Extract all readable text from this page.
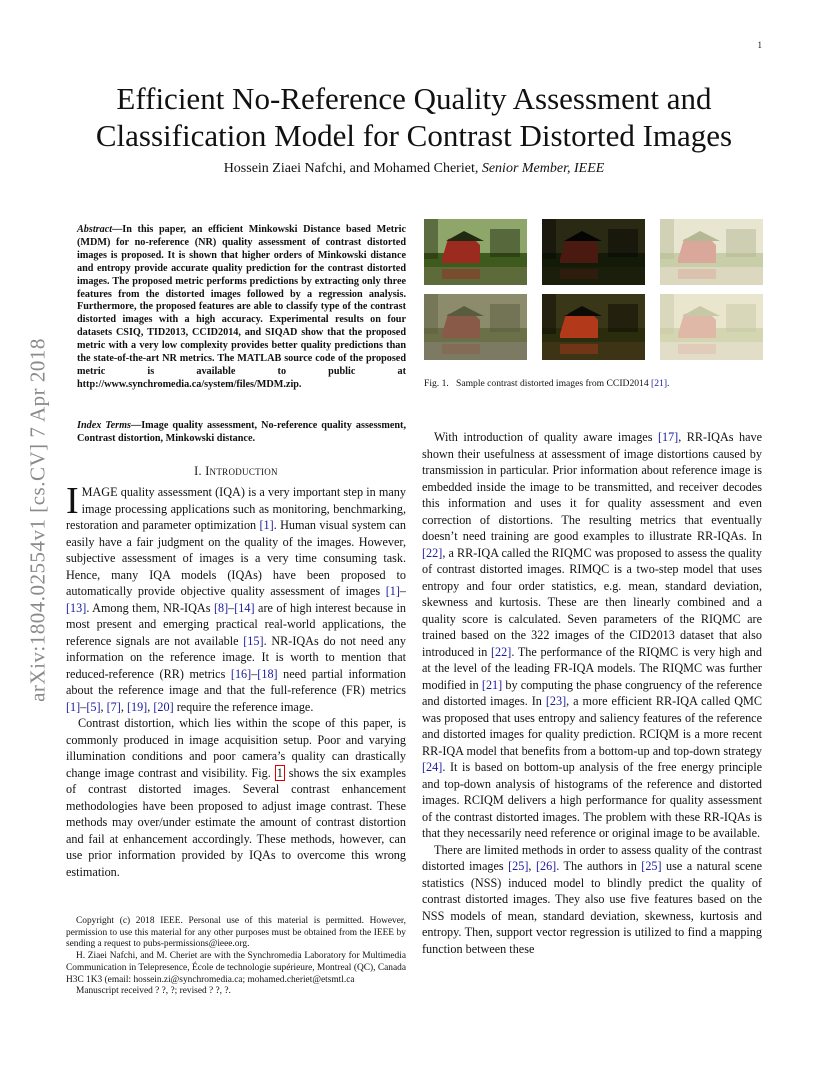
1
arXiv:1804.02554v1 [cs.CV] 7 Apr 2018
Efficient No-Reference Quality Assessment and
Classification Model for Contrast Distorted Images
Hossein Ziaei Nafchi, and Mohamed Cheriet, Senior Member, IEEE

Abstract—In this paper, an efficient Minkowski Distance based Metric (MDM) for no-reference (NR) quality assessment of contrast distorted images is proposed. It is shown that higher orders of Minkowski distance and entropy provide accurate quality prediction for the contrast distorted images. The proposed metric performs predictions by extracting only three features from the distorted images followed by a regression analysis. Furthermore, the proposed features are able to classify type of the contrast distorted images with a high accuracy. Experimental results on four datasets CSIQ, TID2013, CCID2014, and SIQAD show that the proposed metric with a very low complexity provides better quality predictions than the state-of-the-art NR metrics. The MATLAB source code of the proposed metric is available to public at http://www.synchromedia.ca/system/files/MDM.zip.

Index Terms—Image quality assessment, No-reference quality assessment, Contrast distortion, Minkowski distance.

I. Introduction

IMAGE quality assessment (IQA) is a very important step in many image processing applications such as monitoring, benchmarking, restoration and parameter optimization [1]. Human visual system can easily have a fair judgment on the quality of the images. However, subjective assessment of images is a very time consuming task. Hence, many IQA models (IQAs) have been proposed to automatically provide objective quality assessment of images [1]–[13]. Among them, NR-IQAs [8]–[14] are of high interest because in most present and emerging practical real-world applications, the reference signals are not available [15]. NR-IQAs do not need any information on the reference image. It is worth to mention that reduced-reference (RR) metrics [16]–[18] need partial information about the reference image and that the full-reference (FR) metrics [1]–[5], [7], [19], [20] require the reference image.

Contrast distortion, which lies within the scope of this paper, is commonly produced in image acquisition setup. Poor and varying illumination conditions and poor camera’s quality can drastically change image contrast and visibility. Fig. 1 shows the six examples of contrast distorted images. Several contrast enhancement methodologies have been proposed to adjust image contrast. These methods may over/under estimate the amount of contrast distortion and fail at enhancement accordingly. These methods, however, can use prior information provided by IQAs to overcome this wrong estimation.

Copyright (c) 2018 IEEE. Personal use of this material is permitted. However, permission to use this material for any other purposes must be obtained from the IEEE by sending a request to pubs-permissions@ieee.org.

H. Ziaei Nafchi, and M. Cheriet are with the Synchromedia Laboratory for Multimedia Communication in Telepresence, École de technologie supérieure, Montreal (QC), Canada H3C 1K3 (email: hossein.zi@synchromedia.ca; mohamed.cheriet@etsmtl.ca

Manuscript received ? ?, ?; revised ? ?, ?.

Fig. 1. Sample contrast distorted images from CCID2014 [21].

With introduction of quality aware images [17], RR-IQAs have shown their usefulness at assessment of image distortions caused by transmission in particular. Prior information about reference image is embedded inside the image to be transmitted, and receiver decodes this information and uses it for quality assessment and even correction of distortions. The resulting metrics that eventually doesn’t need training are good examples to illustrate RR-IQAs. In [22], a RR-IQA called the RIQMC was proposed to assess the quality of contrast distorted images. RIMQC is a two-step model that uses entropy and four order statistics, e.g. mean, standard deviation, skewness and kurtosis. These are then linearly combined and a quality score is calculated. Seven parameters of the RIQMC are trained based on the 322 images of the CID2013 dataset that also introduced in [22]. The performance of the RIQMC is very high and at the level of the leading FR-IQA models. The RIQMC was further modified in [21] by computing the phase congruency of the reference and distorted images. In [23], a more efficient RR-IQA called QMC was proposed that uses entropy and saliency features of the reference and distorted images for quality prediction. RCIQM is a more recent RR-IQA model that benefits from a bottom-up and top-down strategy [24]. It is based on bottom-up analysis of the free energy principle and top-down analysis of histograms of the reference and distorted images. RCIQM delivers a high performance for quality assessment of the contrast distorted images. The problem with these RR-IQAs is that they necessarily need reference or original image to be available.

There are limited methods in order to assess quality of the contrast distorted images [25], [26]. The authors in [25] use a natural scene statistics (NSS) induced model to blindly predict the quality of contrast distorted images. They also use five features based on the NSS models of mean, standard deviation, skewness, kurtosis and entropy. Then, support vector regression is utilized to find a mapping function between these
